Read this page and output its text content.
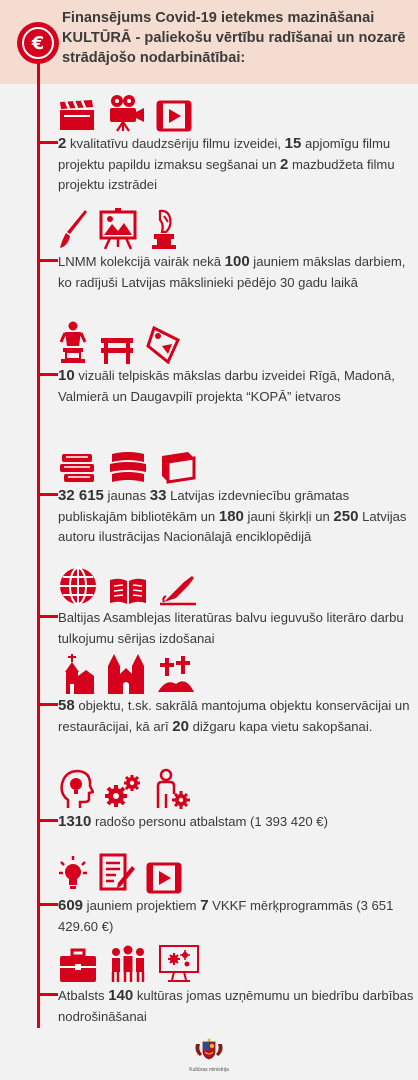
Finansējums Covid-19 ietekmes mazināšanai KULTŪRĀ - paliekošu vērtību radīšanai un nozarē strādājošo nodarbinātībai:
€

2 kvalitatīvu daudzsēriju filmu izveidei, 15 apjomīgu filmu projektu papildu izmaksu segšanai un 2 mazbudžeta filmu projektu izstrādei

LNMM kolekcijā vairāk nekā 100 jauniem mākslas darbiem, ko radījuši Latvijas mākslinieki pēdējo 30 gadu laikā

10 vizuāli telpiskās mākslas darbu izveidei Rīgā, Madonā, Valmierā un Daugavpilī projekta “KOPĀ” ietvaros

32 615 jaunas 33 Latvijas izdevniecību grāmatas publiskajām bibliotēkām un 180 jauni šķirkļi un 250 Latvijas autoru ilustrācijas Nacionālajā enciklopēdijā

Baltijas Asamblejas literatūras balvu ieguvušo literāro darbu tulkojumu sērijas izdošanai

58 objektu, t.sk. sakrālā mantojuma objektu konservācijai un restaurācijai, kā arī 20 dižgaru kapa vietu sakopšanai.

1310 radošo personu atbalstam (1 393 420 €)

609 jauniem projektiem 7 VKKF mērķprogrammās (3 651 429.60 €)

Atbalsts 140 kultūras jomas uzņēmumu un biedrību darbības nodrošināšanai

Kultūras ministrija
